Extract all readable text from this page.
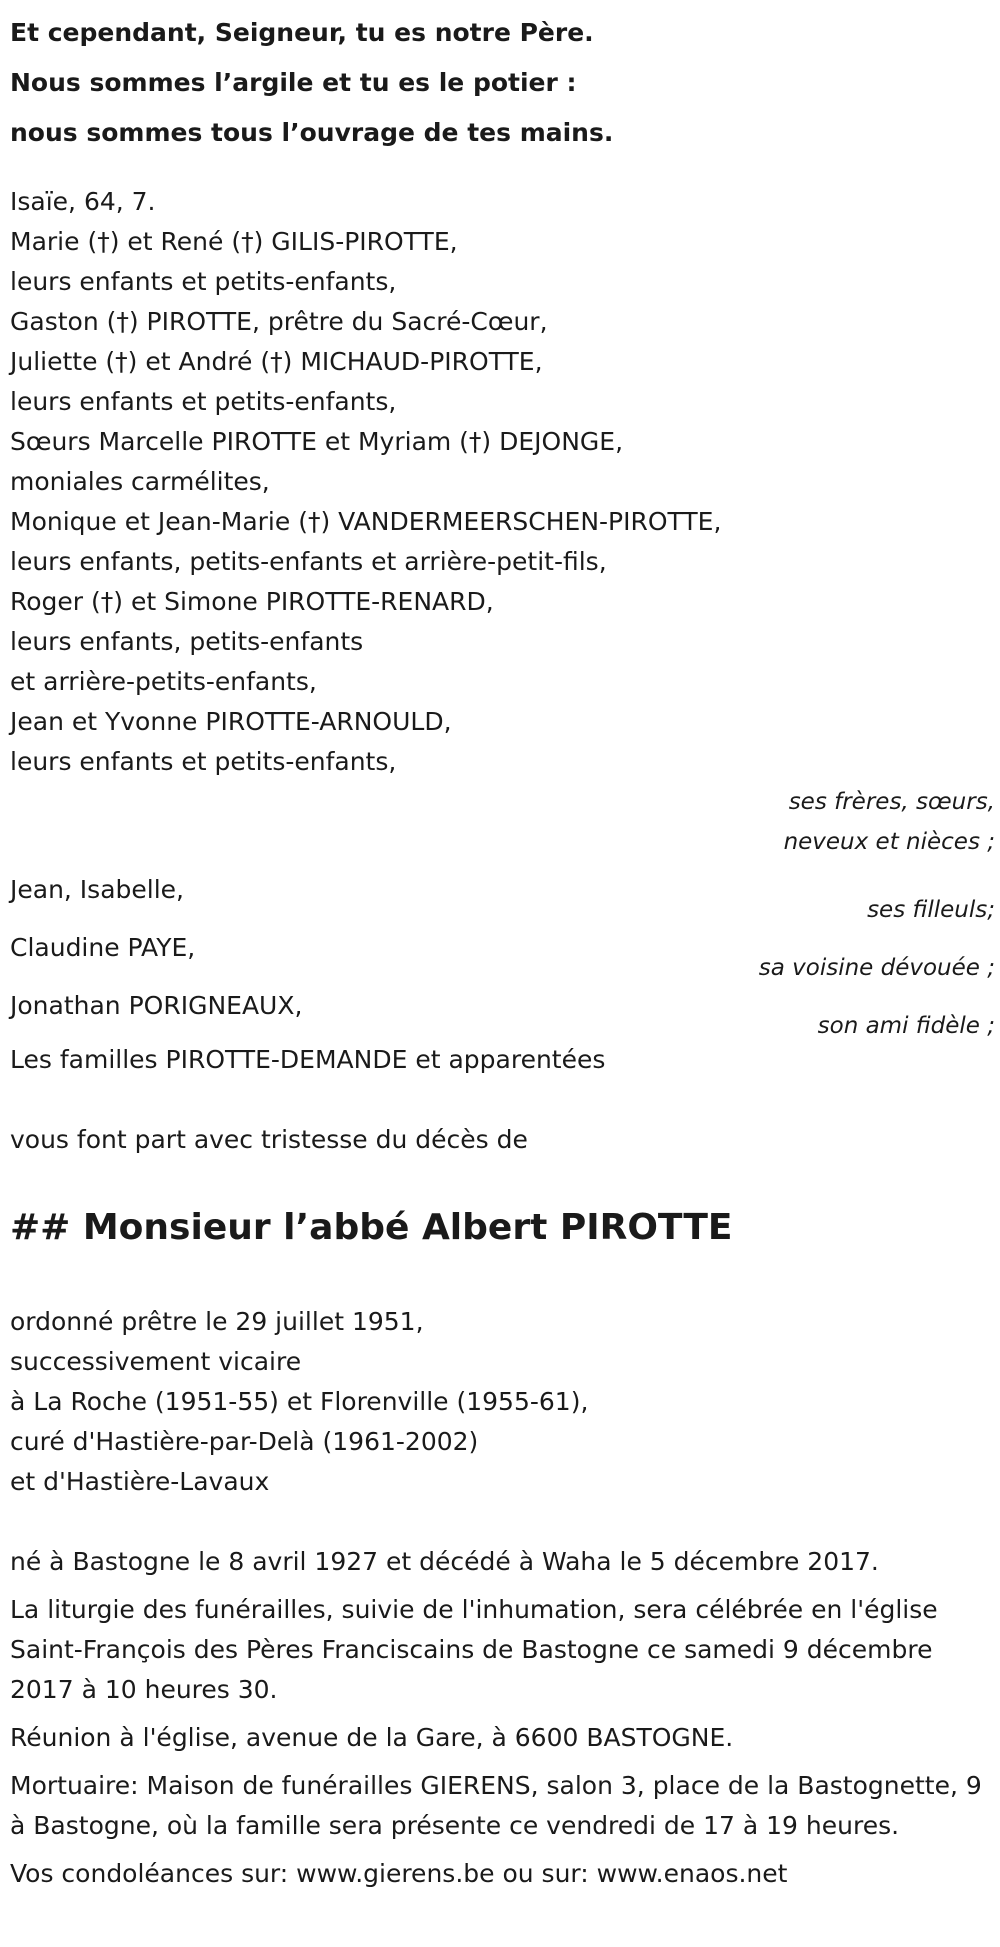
Et cependant, Seigneur, tu es notre Père.
Nous sommes l’argile et tu es le potier :
nous sommes tous l’ouvrage de tes mains.
Isaïe, 64, 7.
Marie (†) et René (†) GILIS-PIROTTE,
leurs enfants et petits-enfants,
Gaston (†) PIROTTE, prêtre du Sacré-Cœur,
Juliette (†) et André (†) MICHAUD-PIROTTE,
leurs enfants et petits-enfants,
Sœurs Marcelle PIROTTE et Myriam (†) DEJONGE,
moniales carmélites,
Monique et Jean-Marie (†) VANDERMEERSCHEN-PIROTTE,
leurs enfants, petits-enfants et arrière-petit-fils,
Roger (†) et Simone PIROTTE-RENARD,
leurs enfants, petits-enfants
et arrière-petits-enfants,
Jean et Yvonne PIROTTE-ARNOULD,
leurs enfants et petits-enfants,
ses frères, sœurs,
neveux et nièces ;
Jean, Isabelle,
ses filleuls;
Claudine PAYE,
sa voisine dévouée ;
Jonathan PORIGNEAUX,
son ami fidèle ;
Les familles PIROTTE-DEMANDE et apparentées
vous font part avec tristesse du décès de
## Monsieur l’abbé Albert PIROTTE
ordonné prêtre le 29 juillet 1951,
successivement vicaire
à La Roche (1951-55) et Florenville (1955-61),
curé d'Hastière-par-Delà (1961-2002)
et d'Hastière-Lavaux
né à Bastogne le 8 avril 1927 et décédé à Waha le 5 décembre 2017.
La liturgie des funérailles, suivie de l'inhumation, sera célébrée en l'église Saint-François des Pères Franciscains de Bastogne ce samedi 9 décembre 2017 à 10 heures 30.
Réunion à l'église, avenue de la Gare, à 6600 BASTOGNE.
Mortuaire: Maison de funérailles GIERENS, salon 3, place de la Bastognette, 9 à Bastogne, où la famille sera présente ce vendredi de 17 à 19 heures.
Vos condoléances sur: www.gierens.be ou sur: www.enaos.net
